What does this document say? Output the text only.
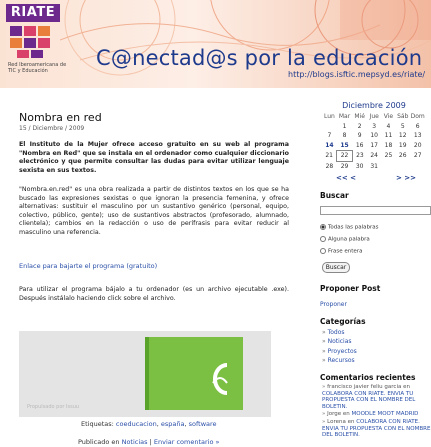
RIATE
Red Iberoamericana de TIC y Educación
C@nectad@s por la educación
http://blogs.isftic.mepsyd.es/riate/
Nombra en red
15 / Diciembre / 2009
El Instituto de la Mujer ofrece acceso gratuito en su web al programa "Nombra en Red" que se instala en el ordenador como cualquier diccionario electrónico y que permite consultar las dudas para evitar utilizar lenguaje sexista en sus textos.
"Nombra.en.red" es una obra realizada a partir de distintos textos en los que se ha buscado las expresiones sexistas o que ignoran la presencia femenina, y ofrece alternativas: sustituir el masculino por un sustantivo genérico (personal, equipo, colectivo, público, gente); uso de sustantivos abstractos (profesorado, alumnado, clientela); cambios en la redacción o uso de perífrasis para evitar reducir al masculino una referencia.
Enlace para bajarte el programa (gratuito)
Para utilizar el programa bájalo a tu ordenador (es un archivo ejecutable .exe). Después instálalo haciendo click sobre el archivo.
Propulsado por Issuu
Etiquetas: coeducacion, españa, software
Publicado en Noticias | Enviar comentario »
Diciembre 2009
Lun	Mar	Mié	Jue	Vie	Sáb	Dom
	1	2	3	4	5	6
7	8	9	10	11	12	13
14	15	16	17	18	19	20
21	22	23	24	25	26	27
28	29	30	31			
<< <	> >>
Buscar
Todas las palabras
Alguna palabra
Frase entera
Buscar
Proponer Post
Proponer
Categorías
» Todos
» Noticias
» Proyectos
» Recursos
Comentarios recientes
» francisco javier feliu garcia en COLABORA CON RIATE. ENVIA TU PROPUESTA CON EL NOMBRE DEL BOLETIN.
» Jorge en MOODLE MOOT MADRID
» Lorena en COLABORA CON RIATE. ENVIA TU PROPUESTA CON EL NOMBRE DEL BOLETIN.
